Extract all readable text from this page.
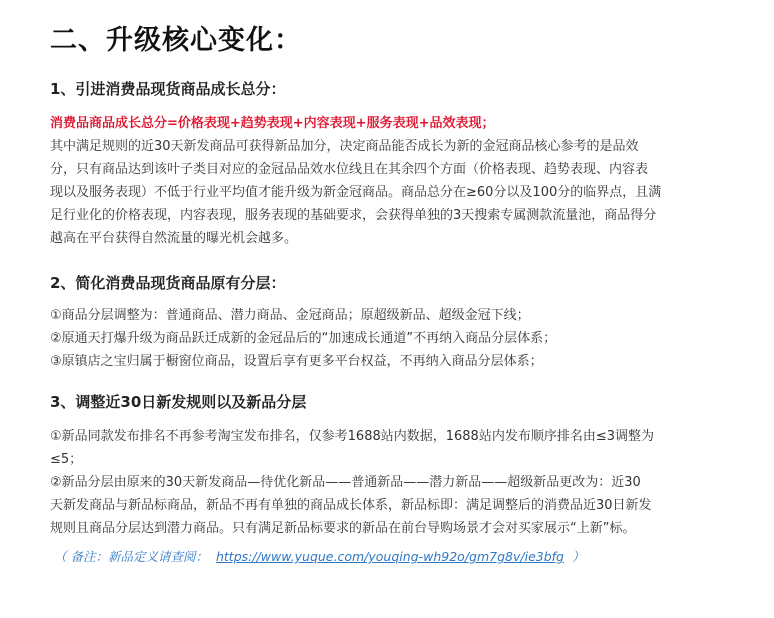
二、升级核心变化：
1、引进消费品现货商品成长总分：
消费品商品成长总分=价格表现+趋势表现+内容表现+服务表现+品效表现；
其中满足规则的近30天新发商品可获得新品加分，决定商品能否成长为新的金冠商品核心参考的是品效
分，只有商品达到该叶子类目对应的金冠品品效水位线且在其余四个方面（价格表现、趋势表现、内容表
现以及服务表现）不低于行业平均值才能升级为新金冠商品。商品总分在≥60分以及100分的临界点，且满
足行业化的价格表现，内容表现，服务表现的基础要求，会获得单独的3天搜索专属测款流量池，商品得分
越高在平台获得自然流量的曝光机会越多。
2、简化消费品现货商品原有分层：
①商品分层调整为：普通商品、潜力商品、金冠商品；原超级新品、超级金冠下线；
②原通天打爆升级为商品跃迁成新的金冠品后的“加速成长通道”不再纳入商品分层体系；
③原镇店之宝归属于橱窗位商品，设置后享有更多平台权益，不再纳入商品分层体系；
3、调整近30日新发规则以及新品分层
①新品同款发布排名不再参考淘宝发布排名，仅参考1688站内数据，1688站内发布顺序排名由≤3调整为
≤5；
②新品分层由原来的30天新发商品—待优化新品——普通新品——潜力新品——超级新品更改为：近30
天新发商品与新品标商品，新品不再有单独的商品成长体系，新品标即：满足调整后的消费品近30日新发
规则且商品分层达到潜力商品。只有满足新品标要求的新品在前台导购场景才会对买家展示“上新”标。
（ 备注：新品定义请查阅： https://www.yuque.com/youqing-wh92o/gm7g8v/ie3bfg ）
